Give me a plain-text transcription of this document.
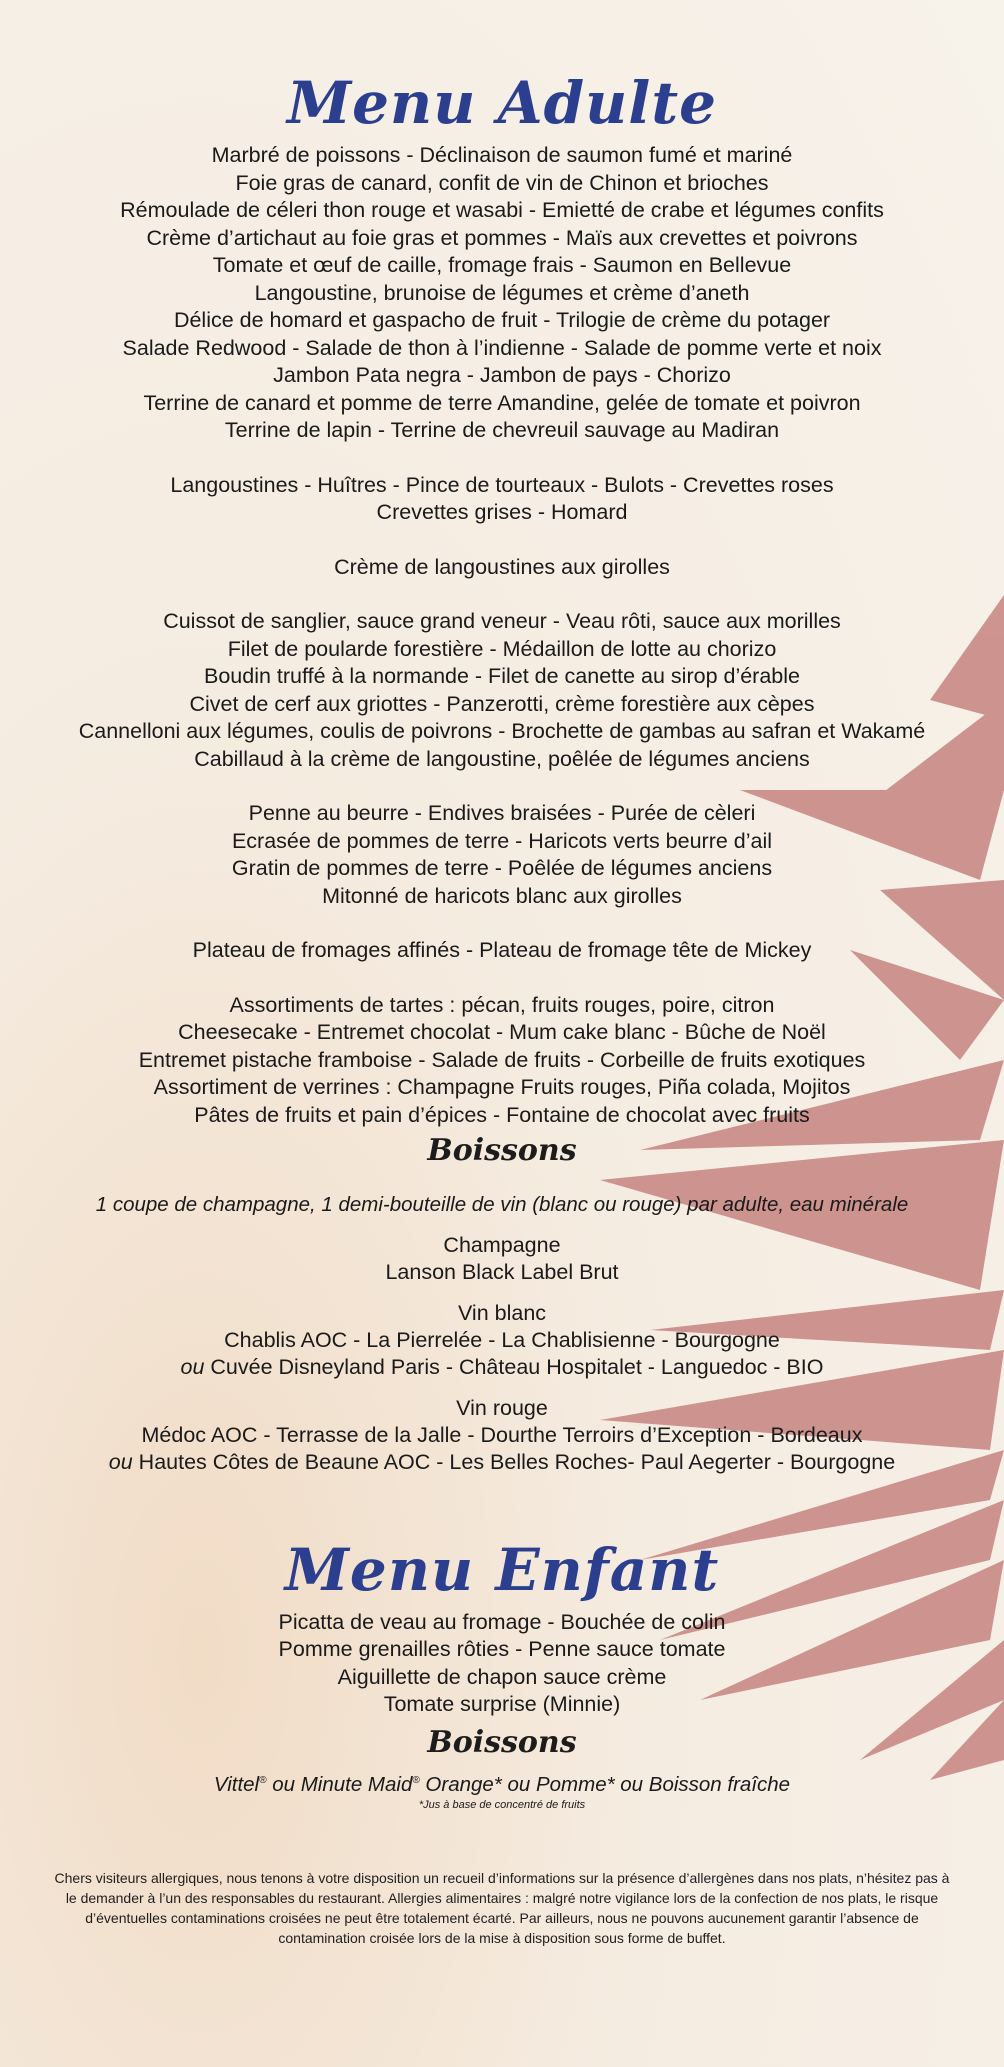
Menu Adulte
Marbré de poissons - Déclinaison de saumon fumé et mariné
Foie gras de canard, confit de vin de Chinon et brioches
Rémoulade de céleri thon rouge et wasabi - Emietté de crabe et légumes confits
Crème d’artichaut au foie gras et pommes - Maïs aux crevettes et poivrons
Tomate et œuf de caille, fromage frais - Saumon en Bellevue
Langoustine, brunoise de légumes et crème d’aneth
Délice de homard et gaspacho de fruit - Trilogie de crème du potager
Salade Redwood - Salade de thon à l’indienne - Salade de pomme verte et noix
Jambon Pata negra - Jambon de pays - Chorizo
Terrine de canard et pomme de terre Amandine, gelée de tomate et poivron
Terrine de lapin - Terrine de chevreuil sauvage au Madiran
Langoustines - Huîtres - Pince de tourteaux - Bulots - Crevettes roses
Crevettes grises - Homard
Crème de langoustines aux girolles
Cuissot de sanglier, sauce grand veneur - Veau rôti, sauce aux morilles
Filet de poularde forestière - Médaillon de lotte au chorizo
Boudin truffé à la normande - Filet de canette au sirop d’érable
Civet de cerf aux griottes - Panzerotti, crème forestière aux cèpes
Cannelloni aux légumes, coulis de poivrons - Brochette de gambas au safran et Wakamé
Cabillaud à la crème de langoustine, poêlée de légumes anciens
Penne au beurre - Endives braisées - Purée de cèleri
Ecrasée de pommes de terre - Haricots verts beurre d’ail
Gratin de pommes de terre - Poêlée de légumes anciens
Mitonné de haricots blanc aux girolles
Plateau de fromages affinés - Plateau de fromage tête de Mickey
Assortiments de tartes : pécan, fruits rouges, poire, citron
Cheesecake - Entremet chocolat - Mum cake blanc - Bûche de Noël
Entremet pistache framboise - Salade de fruits - Corbeille de fruits exotiques
Assortiment de verrines : Champagne Fruits rouges, Piña colada, Mojitos
Pâtes de fruits et pain d’épices - Fontaine de chocolat avec fruits
Boissons
1 coupe de champagne, 1 demi-bouteille de vin (blanc ou rouge) par adulte, eau minérale
Champagne
Lanson Black Label Brut
Vin blanc
Chablis AOC - La Pierrelée - La Chablisienne - Bourgogne
ou Cuvée Disneyland Paris - Château Hospitalet - Languedoc - BIO
Vin rouge
Médoc AOC - Terrasse de la Jalle - Dourthe Terroirs d’Exception - Bordeaux
ou Hautes Côtes de Beaune AOC - Les Belles Roches- Paul Aegerter - Bourgogne
Menu Enfant
Picatta de veau au fromage - Bouchée de colin
Pomme grenailles rôties - Penne sauce tomate
Aiguillette de chapon sauce crème
Tomate surprise (Minnie)
Boissons
Vittel® ou Minute Maid® Orange* ou Pomme* ou Boisson fraîche
*Jus à base de concentré de fruits
Chers visiteurs allergiques, nous tenons à votre disposition un recueil d’informations sur la présence d’allergènes dans nos plats, n’hésitez pas à le demander à l’un des responsables du restaurant. Allergies alimentaires : malgré notre vigilance lors de la confection de nos plats, le risque d’éventuelles contaminations croisées ne peut être totalement écarté. Par ailleurs, nous ne pouvons aucunement garantir l’absence de contamination croisée lors de la mise à disposition sous forme de buffet.
